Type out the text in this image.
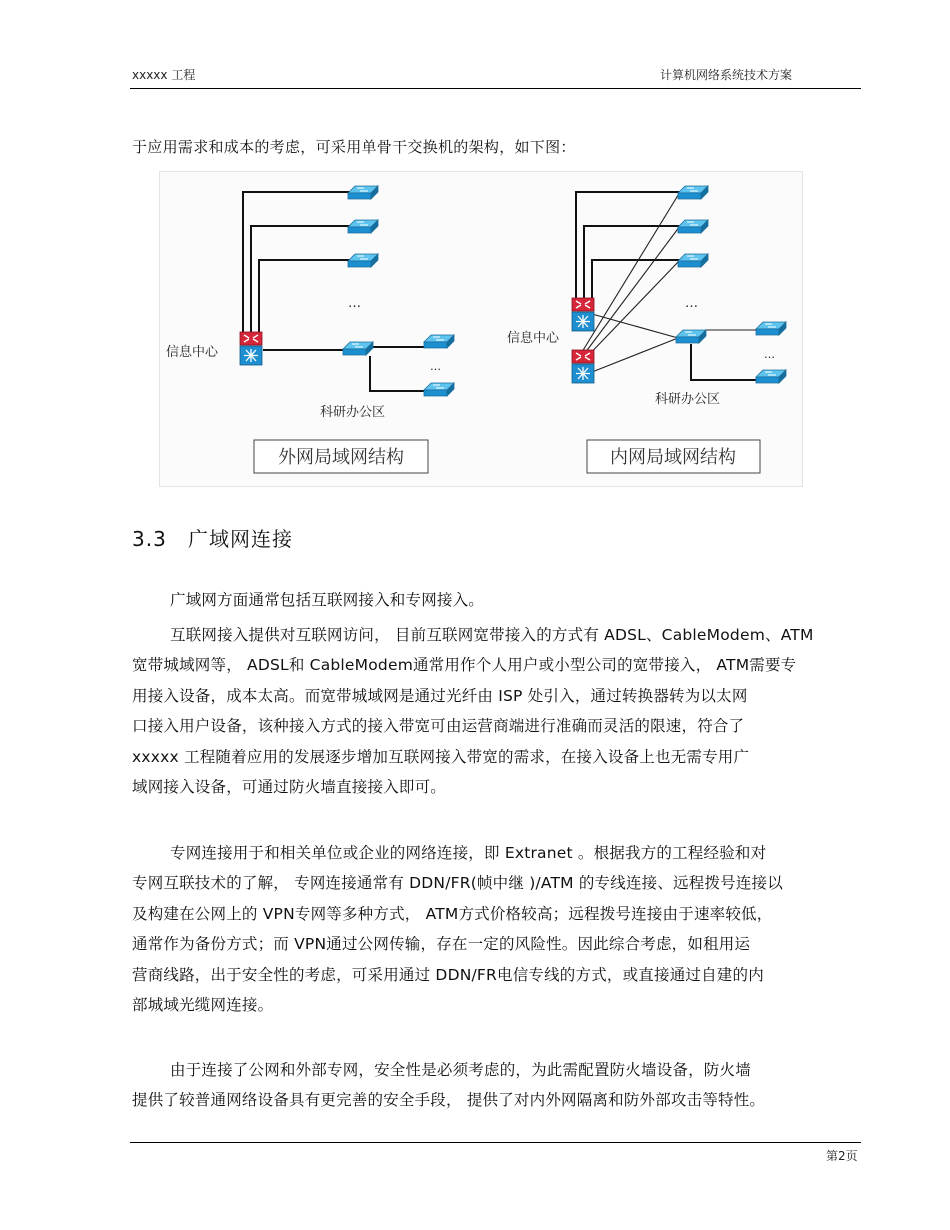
xxxxx 工程	计算机网络系统技术方案
于应用需求和成本的考虑，可采用单骨干交换机的架构，如下图：
…
…
信息中心
科研办公区
外网局域网结构
…
…
信息中心
科研办公区
内网局域网结构
3.3 广域网连接
广域网方面通常包括互联网接入和专网接入。
互联网接入提供对互联网访问， 目前互联网宽带接入的方式有 ADSL、CableModem、ATM
宽带城域网等， ADSL和 CableModem通常用作个人用户或小型公司的宽带接入， ATM需要专
用接入设备，成本太高。而宽带城域网是通过光纤由 ISP 处引入，通过转换器转为以太网
口接入用户设备，该种接入方式的接入带宽可由运营商端进行准确而灵活的限速，符合了
xxxxx 工程随着应用的发展逐步增加互联网接入带宽的需求，在接入设备上也无需专用广
域网接入设备，可通过防火墙直接接入即可。
专网连接用于和相关单位或企业的网络连接，即 Extranet 。根据我方的工程经验和对
专网互联技术的了解， 专网连接通常有 DDN/FR(帧中继 )/ATM 的专线连接、远程拨号连接以
及构建在公网上的 VPN专网等多种方式， ATM方式价格较高；远程拨号连接由于速率较低，
通常作为备份方式；而 VPN通过公网传输，存在一定的风险性。因此综合考虑，如租用运
营商线路，出于安全性的考虑，可采用通过 DDN/FR电信专线的方式，或直接通过自建的内
部城域光缆网连接。
由于连接了公网和外部专网，安全性是必须考虑的，为此需配置防火墙设备，防火墙
提供了较普通网络设备具有更完善的安全手段， 提供了对内外网隔离和防外部攻击等特性。
第2页
